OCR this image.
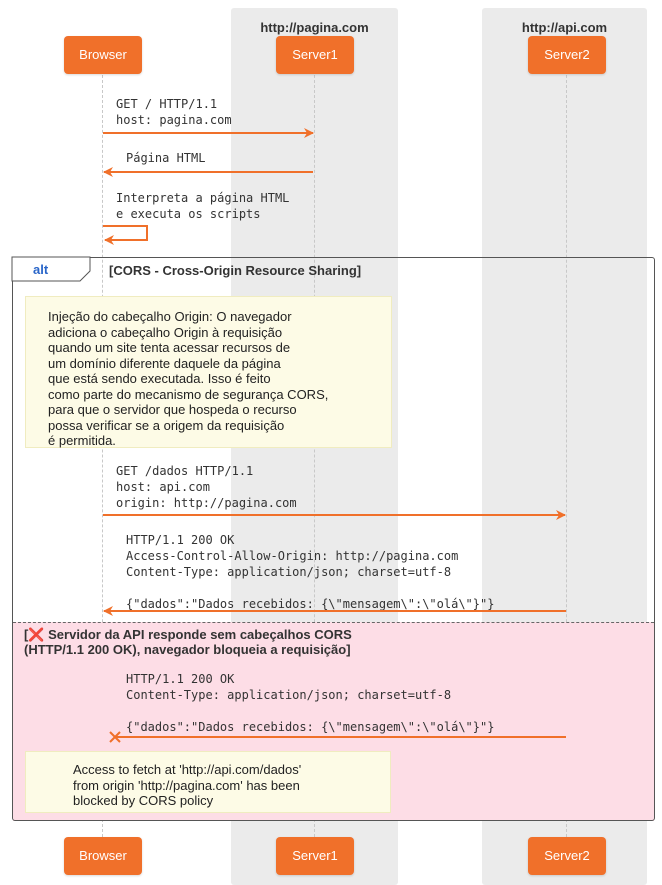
http://pagina.com	http://api.com
alt	[CORS - Cross-Origin Resource Sharing]
[❌ Servidor da API responde sem cabeçalhos CORS
(HTTP/1.1 200 OK), navegador bloqueia a requisição]
Injeção do cabeçalho Origin: O navegador
adiciona o cabeçalho Origin à requisição
quando um site tenta acessar recursos de
um domínio diferente daquele da página
que está sendo executada. Isso é feito
como parte do mecanismo de segurança CORS,
para que o servidor que hospeda o recurso
possa verificar se a origem da requisição
é permitida.
Access to fetch at 'http://api.com/dados'
from origin 'http://pagina.com' has been
blocked by CORS policy
GET / HTTP/1.1
host: pagina.com
Página HTML
Interpreta a página HTML
e executa os scripts
GET /dados HTTP/1.1
host: api.com
origin: http://pagina.com
HTTP/1.1 200 OK
Access-Control-Allow-Origin: http://pagina.com
Content-Type: application/json; charset=utf-8

{"dados":"Dados recebidos: {\"mensagem\":\"olá\"}"}
HTTP/1.1 200 OK
Content-Type: application/json; charset=utf-8

{"dados":"Dados recebidos: {\"mensagem\":\"olá\"}"}
Browser	Server1	Server2
Browser	Server1	Server2
